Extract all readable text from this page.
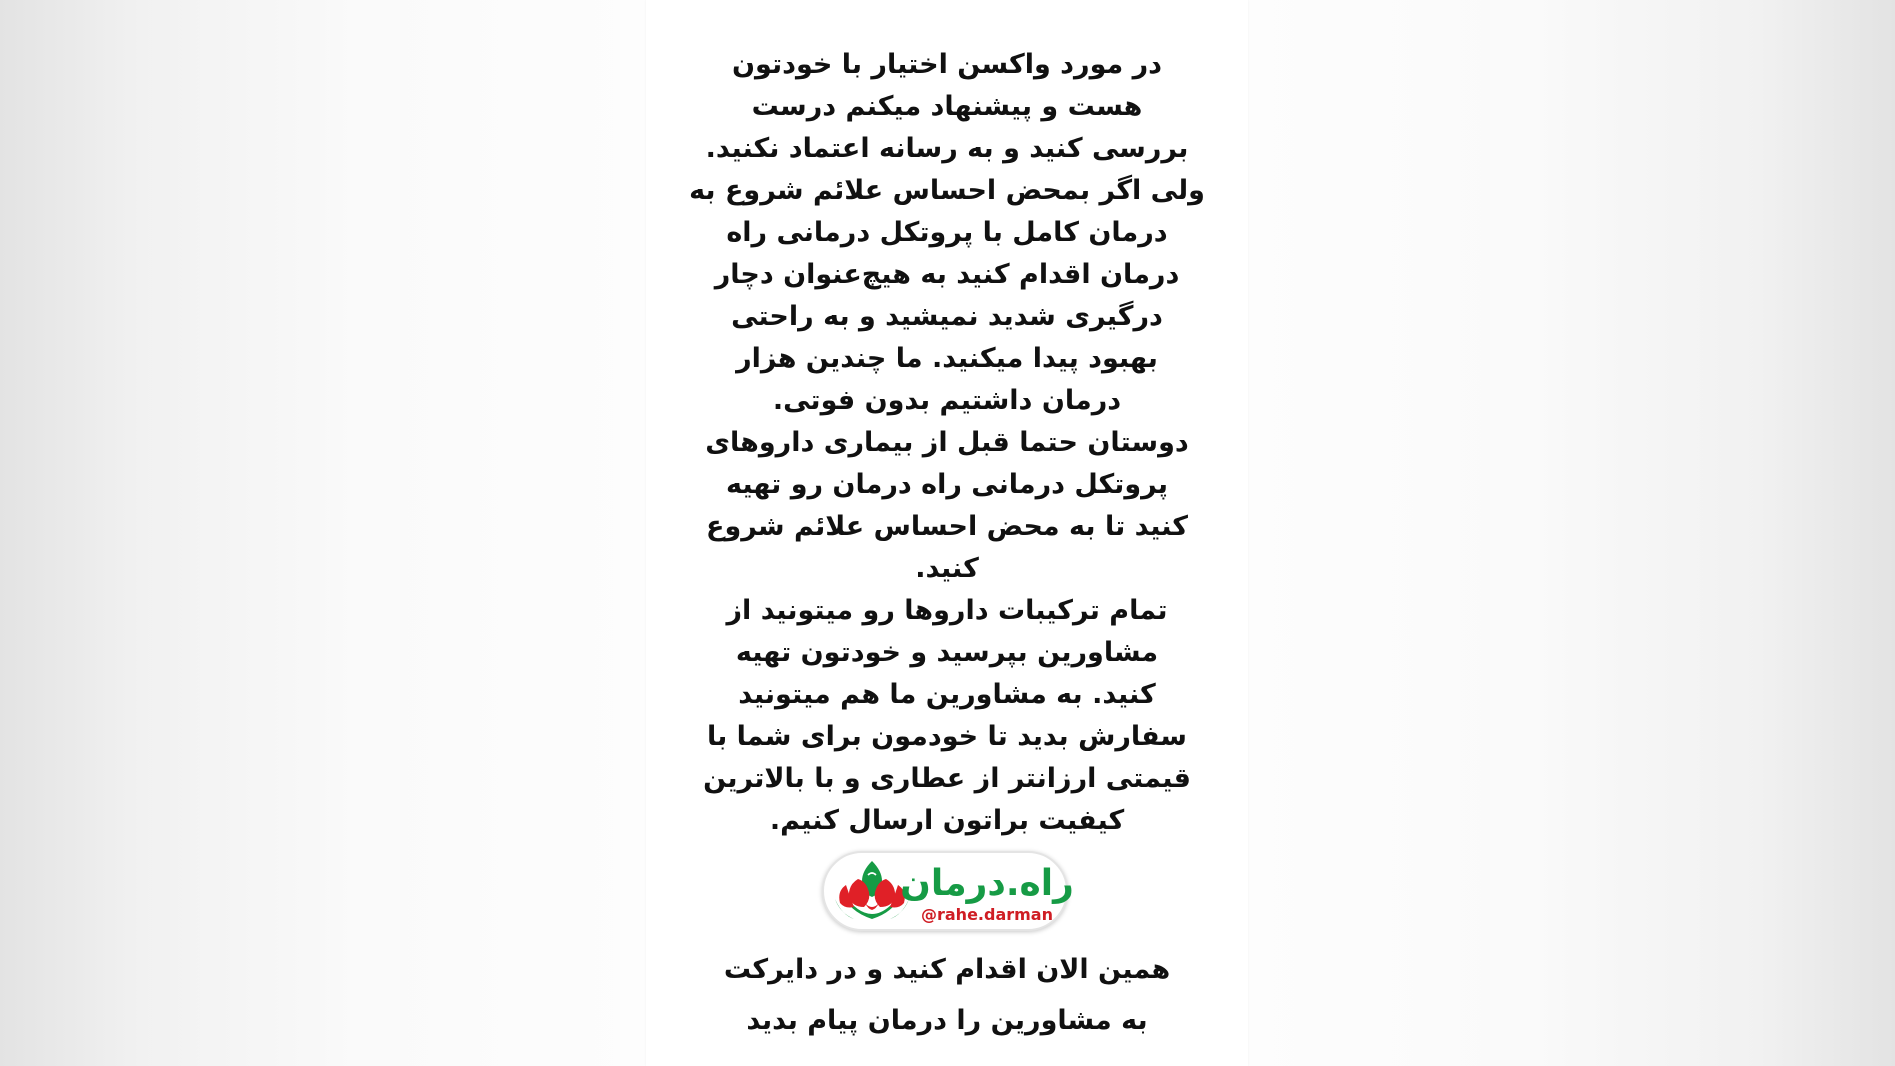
در مورد واکسن اختیار با خودتون
هست و پیشنهاد میکنم درست
بررسی کنید و به رسانه اعتماد نکنید.
ولی اگر بمحض احساس علائم شروع به
درمان کامل با پروتکل درمانی راه
درمان اقدام کنید به هیچ‌عنوان دچار
درگیری شدید نمیشید و به راحتی
بهبود پیدا میکنید. ما چندین هزار
درمان داشتیم بدون فوتی.
دوستان حتما قبل از بیماری داروهای
پروتکل درمانی راه درمان رو تهیه
کنید تا به محض احساس علائم شروع
کنید.
تمام ترکیبات داروها رو میتونید از
مشاورین بپرسید و خودتون تهیه
کنید. به مشاورین ما هم میتونید
سفارش بدید تا خودمون برای شما با
قیمتی ارزانتر از عطاری و با بالاترین
کیفیت براتون ارسال کنیم.
راه.درمان
@rahe.darman
همین الان اقدام کنید و در دایرکت
به مشاورین را درمان پیام بدید
